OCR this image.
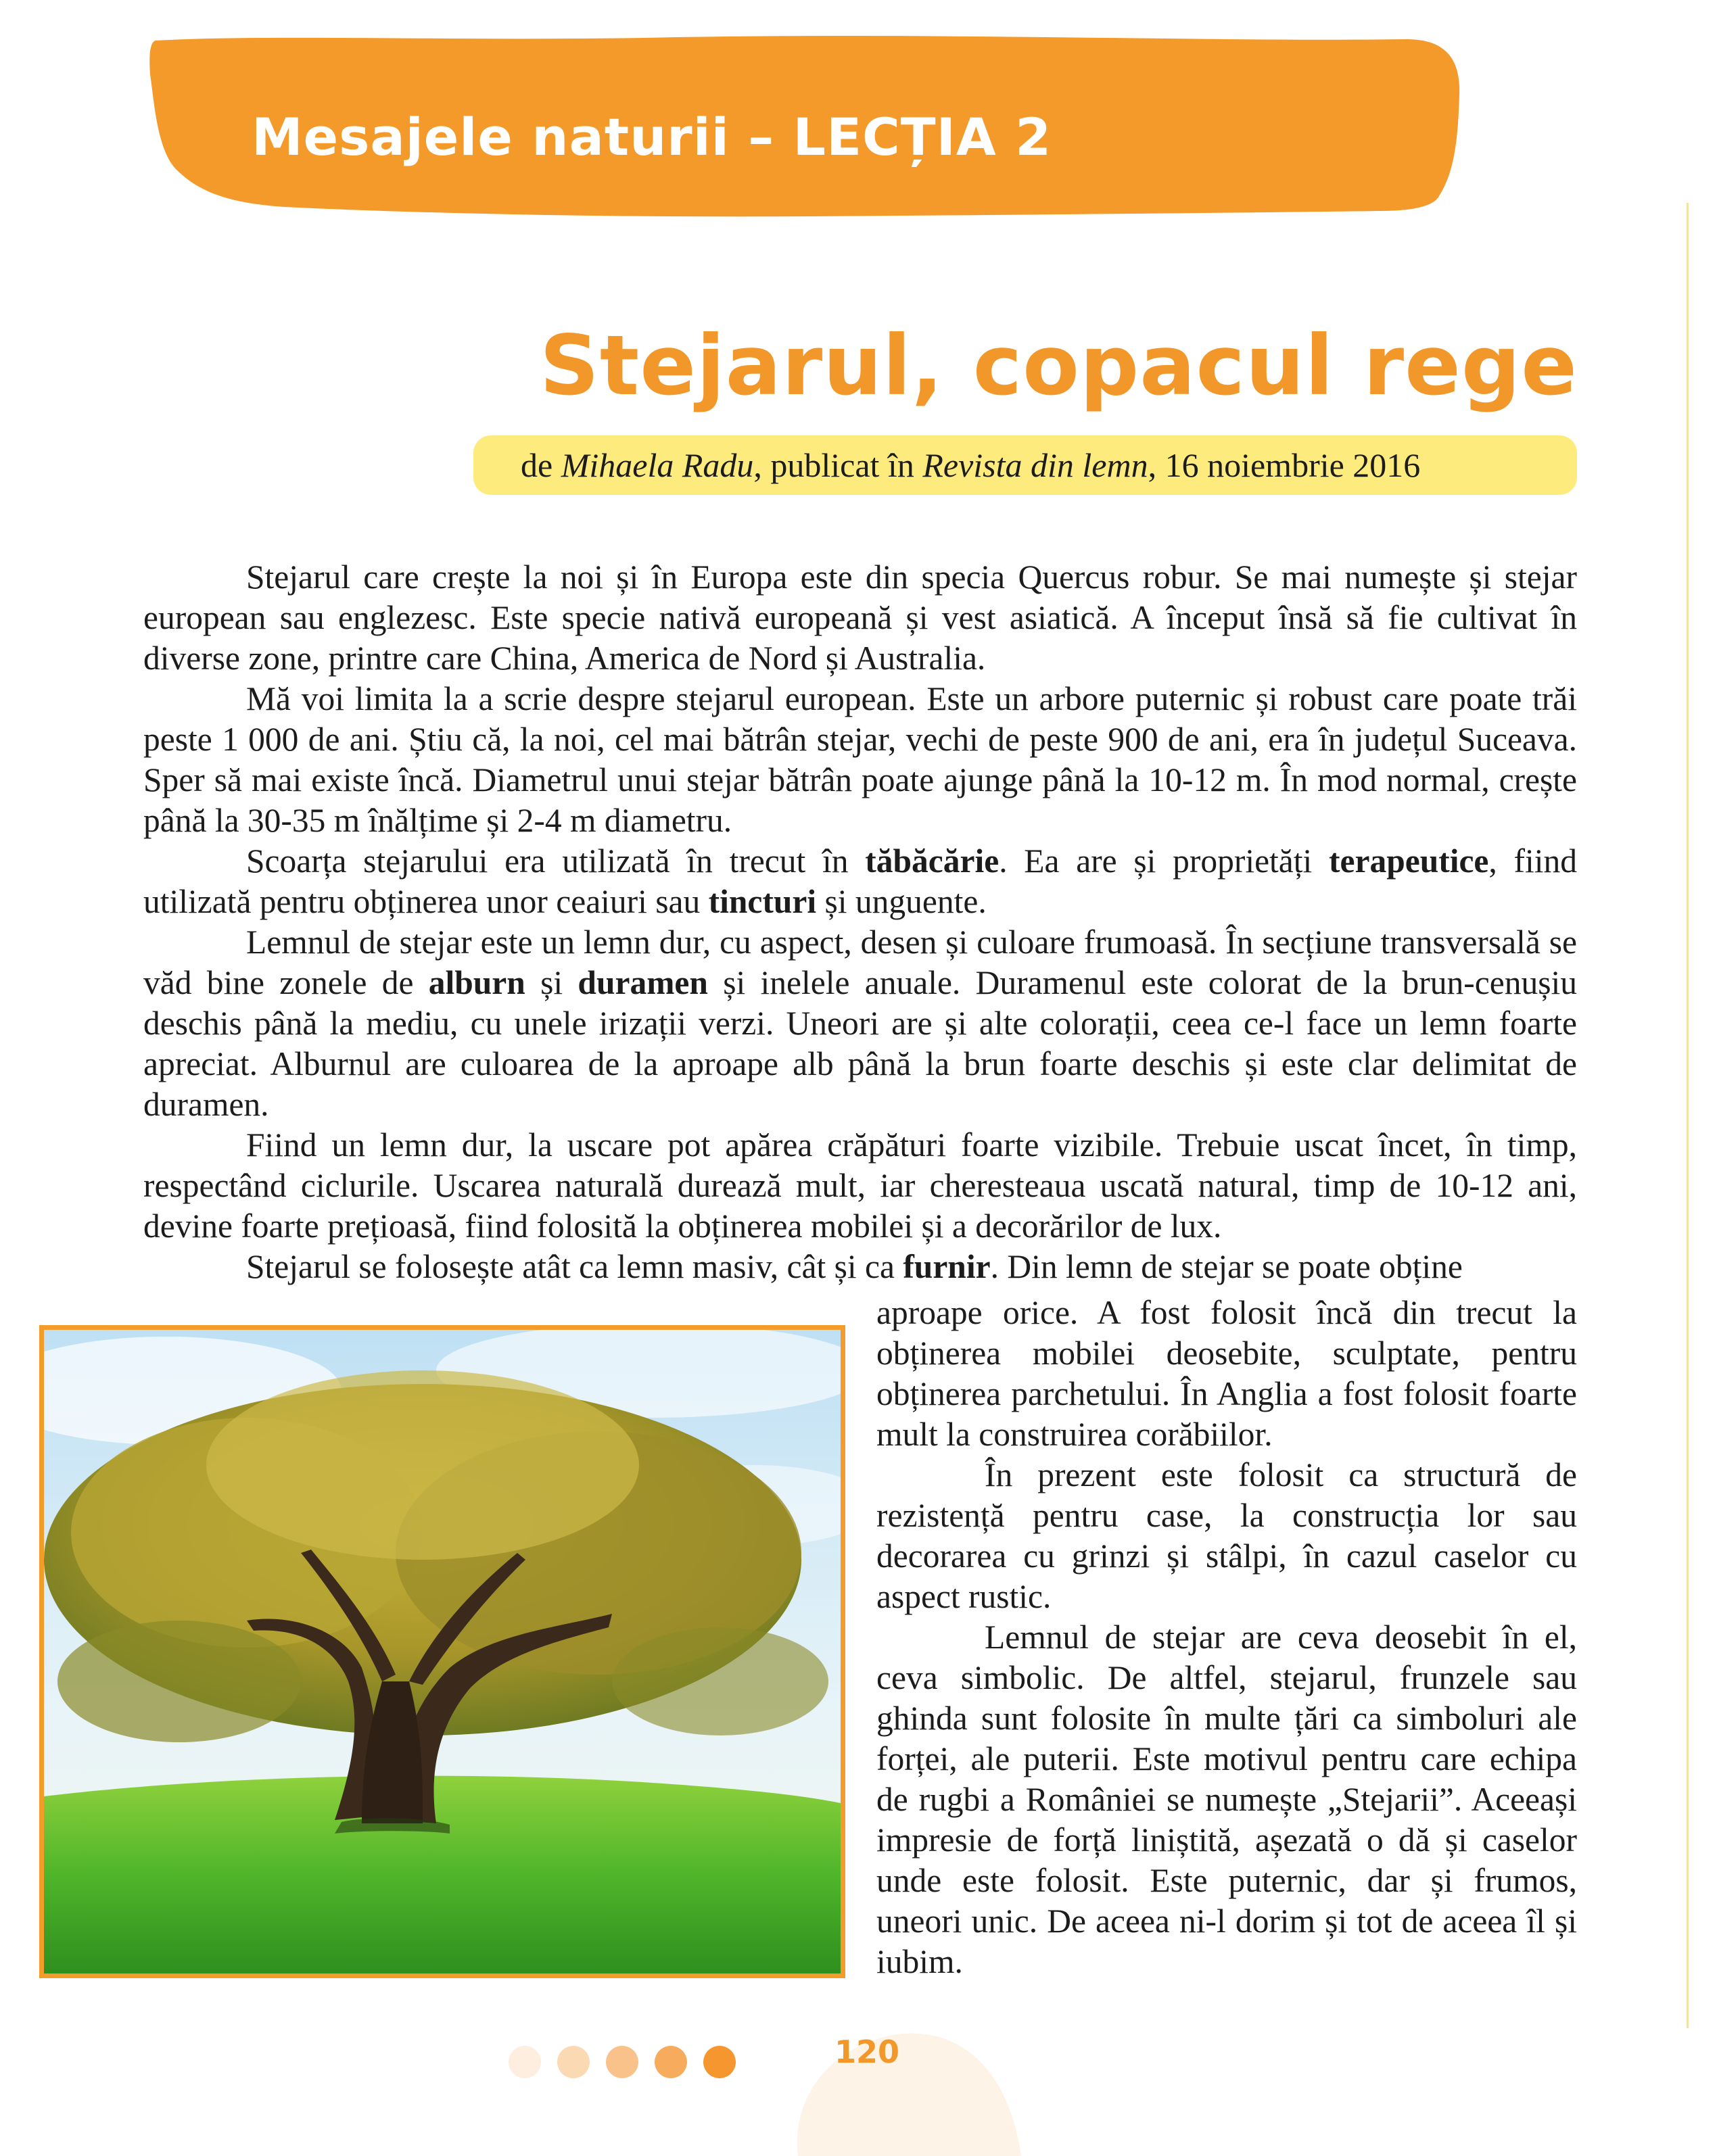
Mesajele naturii – LECȚIA 2
Stejarul, copacul rege
de Mihaela Radu, publicat în Revista din lemn, 16 noiembrie 2016

Stejarul care crește la noi și în Europa este din specia Quercus robur. Se mai numește și stejar european sau englezesc. Este specie nativă europeană și vest asiatică. A început însă să fie cultivat în diverse zone, printre care China, America de Nord și Australia.

Mă voi limita la a scrie despre stejarul european. Este un arbore puternic și robust care poate trăi peste 1 000 de ani. Știu că, la noi, cel mai bătrân stejar, vechi de peste 900 de ani, era în județul Suceava. Sper să mai existe încă. Diametrul unui stejar bătrân poate ajunge până la 10-12 m. În mod normal, crește până la 30-35 m înălțime și 2-4 m diametru.

Scoarța stejarului era utilizată în trecut în tăbăcărie. Ea are și proprietăți terapeutice, fiind utilizată pentru obținerea unor ceaiuri sau tincturi și unguente.

Lemnul de stejar este un lemn dur, cu aspect, desen și culoare frumoasă. În secțiune transversală se văd bine zonele de alburn și duramen și inelele anuale. Duramenul este colorat de la brun-cenușiu deschis până la mediu, cu unele irizații verzi. Uneori are și alte colorații, ceea ce-l face un lemn foarte apreciat. Alburnul are culoarea de la aproape alb până la brun foarte deschis și este clar delimitat de duramen.

Fiind un lemn dur, la uscare pot apărea crăpături foarte vizibile. Trebuie uscat încet, în timp, respectând ciclurile. Uscarea naturală durează mult, iar cheresteaua uscată natural, timp de 10-12 ani, devine foarte prețioasă, fiind folosită la obținerea mobilei și a decorărilor de lux.

Stejarul se folosește atât ca lemn masiv, cât și ca furnir. Din lemn de stejar se poate obține

aproape orice. A fost folosit încă din trecut la obținerea mobilei deosebite, sculptate, pentru obținerea parchetului. În Anglia a fost folosit foarte mult la construirea corăbiilor.

În prezent este folosit ca structură de rezistență pentru case, la construcția lor sau decorarea cu grinzi și stâlpi, în cazul caselor cu aspect rustic.

Lemnul de stejar are ceva deosebit în el, ceva simbolic. De altfel, stejarul, frunzele sau ghinda sunt folosite în multe țări ca simboluri ale forței, ale puterii. Este motivul pentru care echipa de rugbi a României se numește „Stejarii”. Aceeași impresie de forță liniștită, așezată o dă și caselor unde este folosit. Este puternic, dar și frumos, uneori unic. De aceea ni-l dorim și tot de aceea îl și iubim.

120
